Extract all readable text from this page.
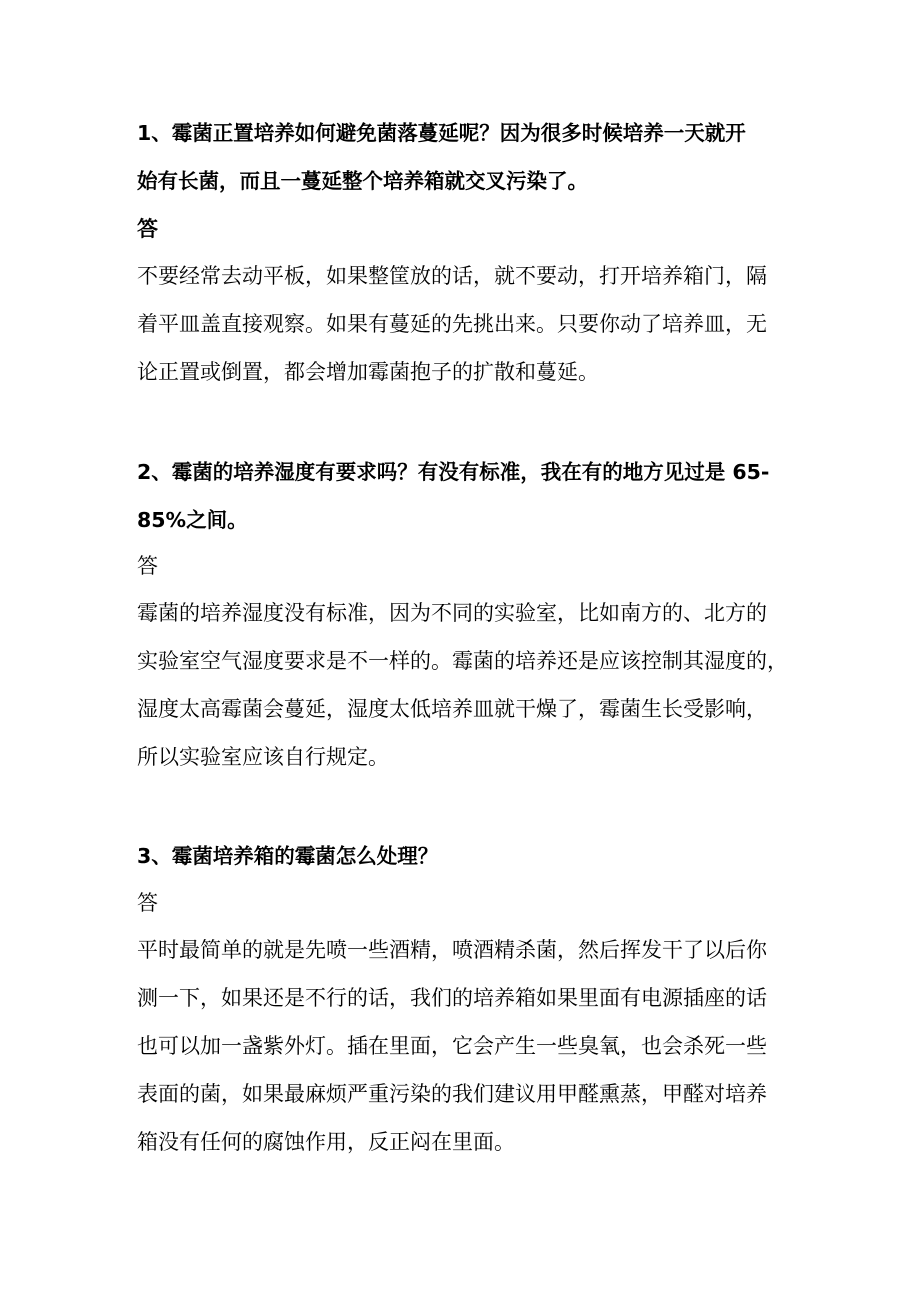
1、霉菌正置培养如何避免菌落蔓延呢？因为很多时候培养一天就开
始有长菌，而且一蔓延整个培养箱就交叉污染了。
答
不要经常去动平板，如果整筐放的话，就不要动，打开培养箱门，隔
着平皿盖直接观察。如果有蔓延的先挑出来。只要你动了培养皿，无
论正置或倒置，都会增加霉菌抱子的扩散和蔓延。
2、霉菌的培养湿度有要求吗？有没有标准，我在有的地方见过是 65-
85%之间。
答
霉菌的培养湿度没有标准，因为不同的实验室，比如南方的、北方的
实验室空气湿度要求是不一样的。霉菌的培养还是应该控制其湿度的，
湿度太高霉菌会蔓延，湿度太低培养皿就干燥了，霉菌生长受影响，
所以实验室应该自行规定。
3、霉菌培养箱的霉菌怎么处理？
答
平时最简单的就是先喷一些酒精，喷酒精杀菌，然后挥发干了以后你
测一下，如果还是不行的话，我们的培养箱如果里面有电源插座的话
也可以加一盏紫外灯。插在里面，它会产生一些臭氧，也会杀死一些
表面的菌，如果最麻烦严重污染的我们建议用甲醛熏蒸，甲醛对培养
箱没有任何的腐蚀作用，反正闷在里面。
